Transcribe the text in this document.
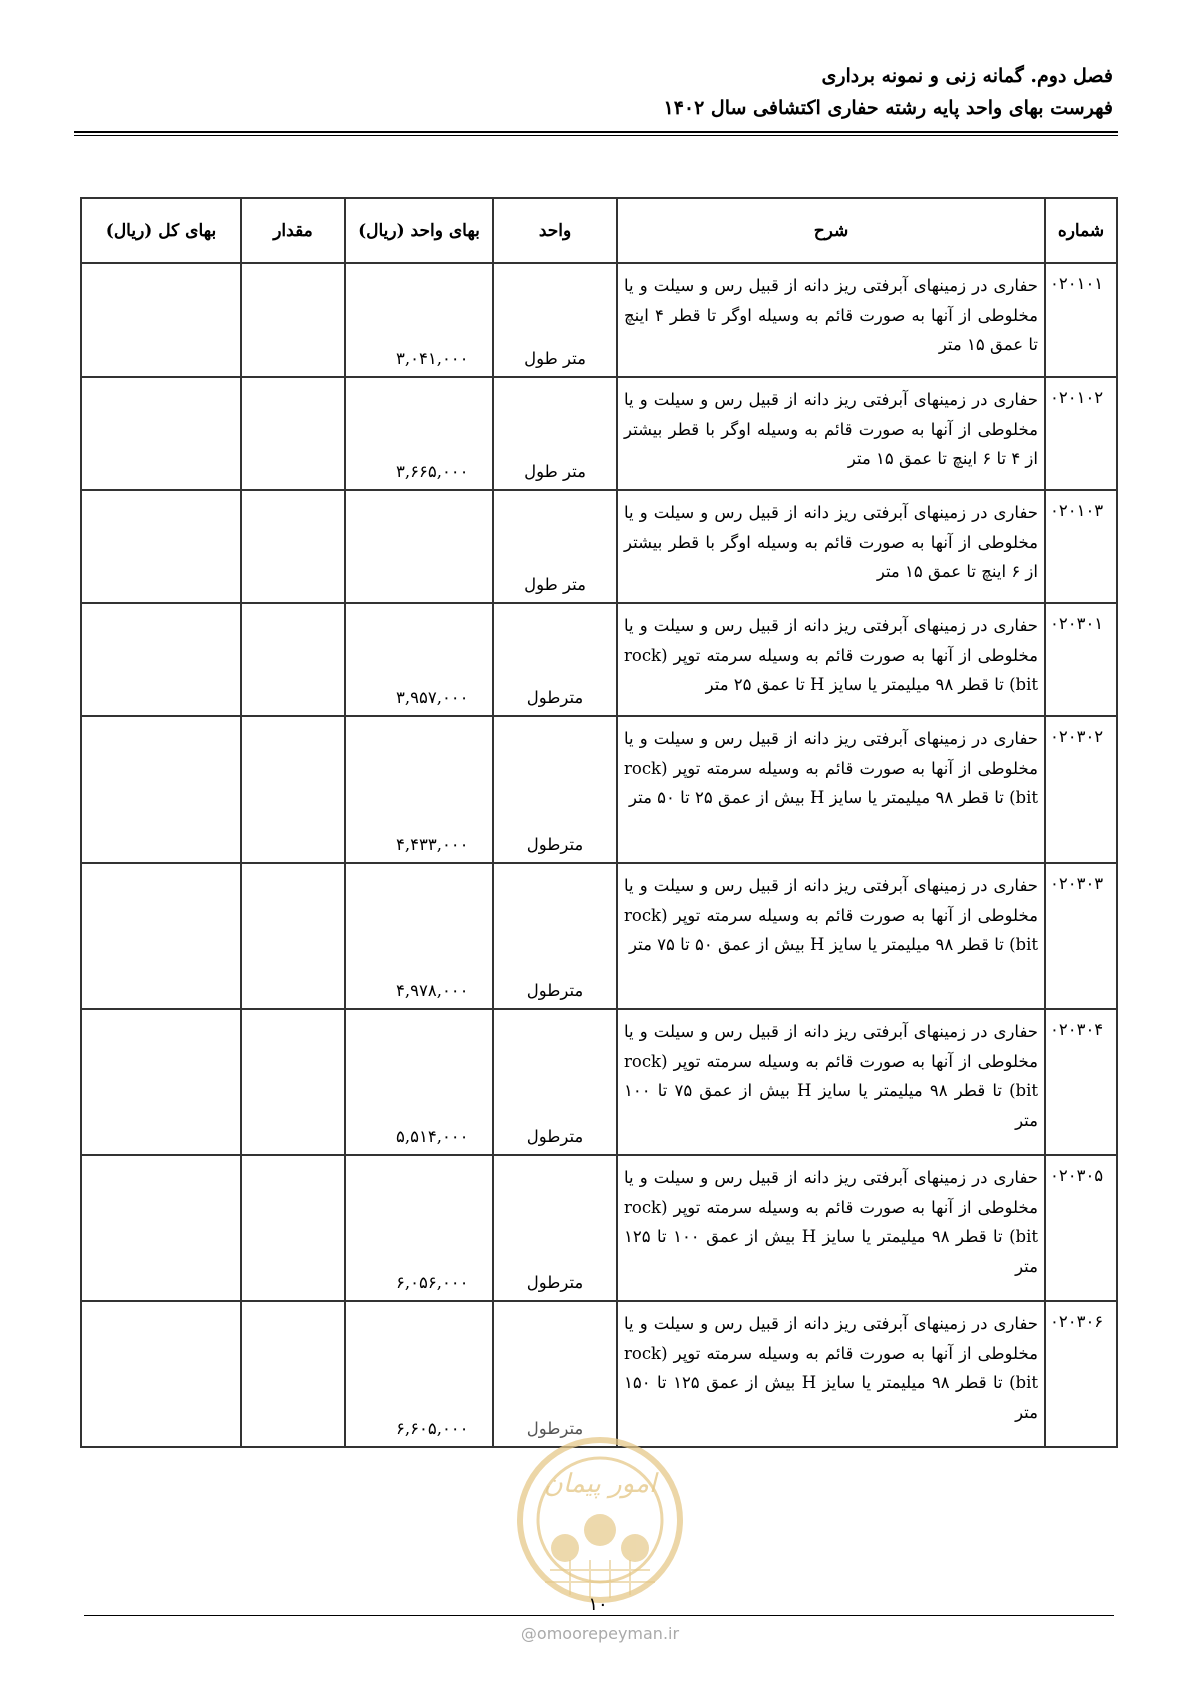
فصل دوم. گمانه زنی و نمونه برداری
فهرست بهای واحد پایه رشته حفاری اکتشافی سال ۱۴۰۲
شماره	شرح	واحد	بهای واحد (ریال)	مقدار	بهای کل (ریال)
۰۲۰۱۰۱	حفاری در زمینهای آبرفتی ریز دانه از قبیل رس و سیلت و یا مخلوطی از آنها به صورت قائم به وسیله اوگر تا قطر ۴ اینچ تا عمق ۱۵ متر	متر طول	۳,۰۴۱,۰۰۰		
۰۲۰۱۰۲	حفاری در زمینهای آبرفتی ریز دانه از قبیل رس و سیلت و یا مخلوطی از آنها به صورت قائم به وسیله اوگر با قطر بیشتر از ۴ تا ۶ اینچ تا عمق ۱۵ متر	متر طول	۳,۶۶۵,۰۰۰		
۰۲۰۱۰۳	حفاری در زمینهای آبرفتی ریز دانه از قبیل رس و سیلت و یا مخلوطی از آنها به صورت قائم به وسیله اوگر با قطر بیشتر از ۶ اینچ تا عمق ۱۵ متر	متر طول			
۰۲۰۳۰۱	حفاری در زمینهای آبرفتی ریز دانه از قبیل رس و سیلت و یا مخلوطی از آنها به صورت قائم به وسیله سرمته توپر (rock bit) تا قطر ۹۸ میلیمتر یا سایز H تا عمق ۲۵ متر	مترطول	۳,۹۵۷,۰۰۰		
۰۲۰۳۰۲	حفاری در زمینهای آبرفتی ریز دانه از قبیل رس و سیلت و یا مخلوطی از آنها به صورت قائم به وسیله سرمته توپر (rock bit) تا قطر ۹۸ میلیمتر یا سایز H بیش از عمق ۲۵ تا ۵۰ متر	مترطول	۴,۴۳۳,۰۰۰		
۰۲۰۳۰۳	حفاری در زمینهای آبرفتی ریز دانه از قبیل رس و سیلت و یا مخلوطی از آنها به صورت قائم به وسیله سرمته توپر (rock bit) تا قطر ۹۸ میلیمتر یا سایز H بیش از عمق ۵۰ تا ۷۵ متر	مترطول	۴,۹۷۸,۰۰۰		
۰۲۰۳۰۴	حفاری در زمینهای آبرفتی ریز دانه از قبیل رس و سیلت و یا مخلوطی از آنها به صورت قائم به وسیله سرمته توپر (rock bit) تا قطر ۹۸ میلیمتر یا سایز H بیش از عمق ۷۵ تا ۱۰۰ متر	مترطول	۵,۵۱۴,۰۰۰		
۰۲۰۳۰۵	حفاری در زمینهای آبرفتی ریز دانه از قبیل رس و سیلت و یا مخلوطی از آنها به صورت قائم به وسیله سرمته توپر (rock bit) تا قطر ۹۸ میلیمتر یا سایز H بیش از عمق ۱۰۰ تا ۱۲۵ متر	مترطول	۶,۰۵۶,۰۰۰		
۰۲۰۳۰۶	حفاری در زمینهای آبرفتی ریز دانه از قبیل رس و سیلت و یا مخلوطی از آنها به صورت قائم به وسیله سرمته توپر (rock bit) تا قطر ۹۸ میلیمتر یا سایز H بیش از عمق ۱۲۵ تا ۱۵۰ متر	مترطول	۶,۶۰۵,۰۰۰		
امور پیمان
۱۰
@omoorepeyman.ir
